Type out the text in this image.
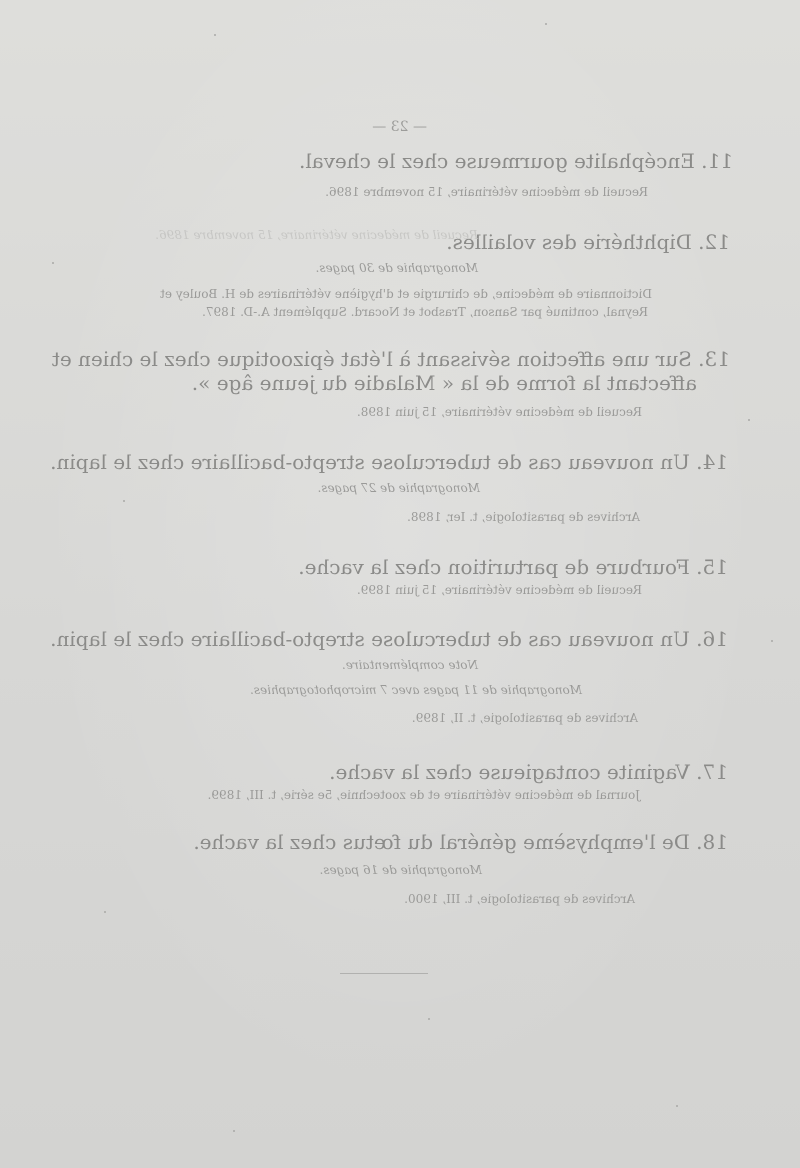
— 23 —
11. Encéphalite gourmeuse chez le cheval.
Recueil de médecine vétérinaire, 15 novembre 1896.
12. Diphthérie des volailles.
Recueil de médecine vétérinaire, 15 novembre 1896.
Monographie de 30 pages.
Dictionnaire de médecine, de chirurgie et d'hygiène vétérinaires de H. Bouley et
Reynal, continué par Sanson, Trasbot et Nocard. Supplément A.-D. 1897.
13. Sur une affection sévissant à l'état épizootique chez le chien et
affectant la forme de la « Maladie du jeune âge ».
Recueil de médecine vétérinaire, 15 juin 1898.
14. Un nouveau cas de tuberculose strepto-bacillaire chez le lapin.
Monographie de 27 pages.
Archives de parasitologie, t. Ier, 1898.
15. Fourbure de parturition chez la vache.
Recueil de médecine vétérinaire, 15 juin 1899.
16. Un nouveau cas de tuberculose strepto-bacillaire chez le lapin.
Note complémentaire.
Monographie de 11 pages avec 7 microphotographies.
Archives de parasitologie, t. II, 1899.
17. Vaginite contagieuse chez la vache.
Journal de médecine vétérinaire et de zootechnie, 5e série, t. III, 1899.
18. De l'emphysème général du fœtus chez la vache.
Monographie de 16 pages.
Archives de parasitologie, t. III, 1900.
